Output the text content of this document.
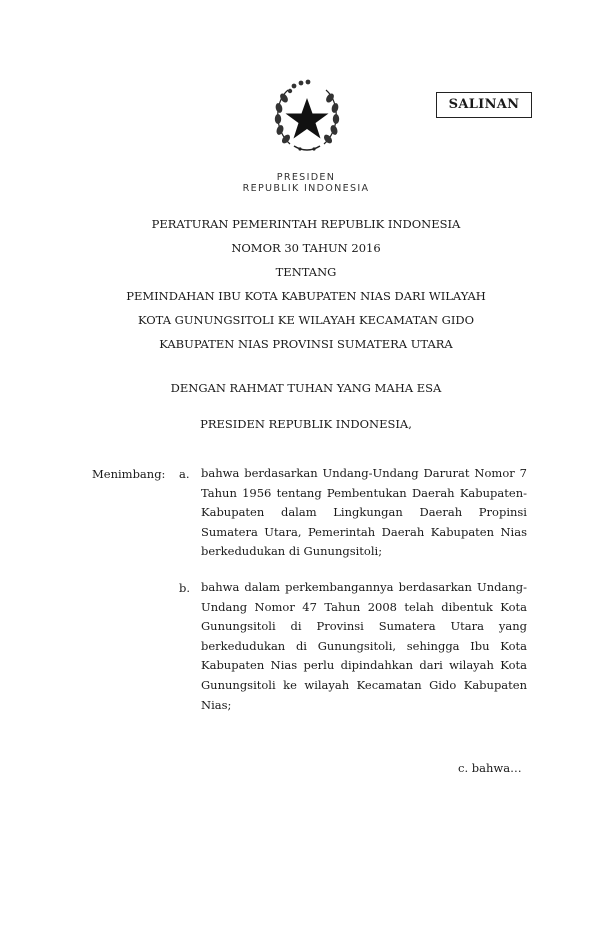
SALINAN
PRESIDEN
REPUBLIK INDONESIA
PERATURAN PEMERINTAH REPUBLIK INDONESIA
NOMOR 30 TAHUN 2016
TENTANG
PEMINDAHAN IBU KOTA KABUPATEN NIAS DARI WILAYAH
KOTA GUNUNGSITOLI KE WILAYAH KECAMATAN GIDO
KABUPATEN NIAS PROVINSI SUMATERA UTARA
DENGAN RAHMAT TUHAN YANG MAHA ESA
PRESIDEN REPUBLIK INDONESIA,
Menimbang: a. bahwa berdasarkan Undang-Undang Darurat Nomor 7 Tahun 1956 tentang Pembentukan Daerah Kabupaten-Kabupaten dalam Lingkungan Daerah Propinsi Sumatera Utara, Pemerintah Daerah Kabupaten Nias berkedudukan di Gunungsitoli;
b. bahwa dalam perkembangannya berdasarkan Undang-Undang Nomor 47 Tahun 2008 telah dibentuk Kota Gunungsitoli di Provinsi Sumatera Utara yang berkedudukan di Gunungsitoli, sehingga Ibu Kota Kabupaten Nias perlu dipindahkan dari wilayah Kota Gunungsitoli ke wilayah Kecamatan Gido Kabupaten Nias;
c. bahwa…
